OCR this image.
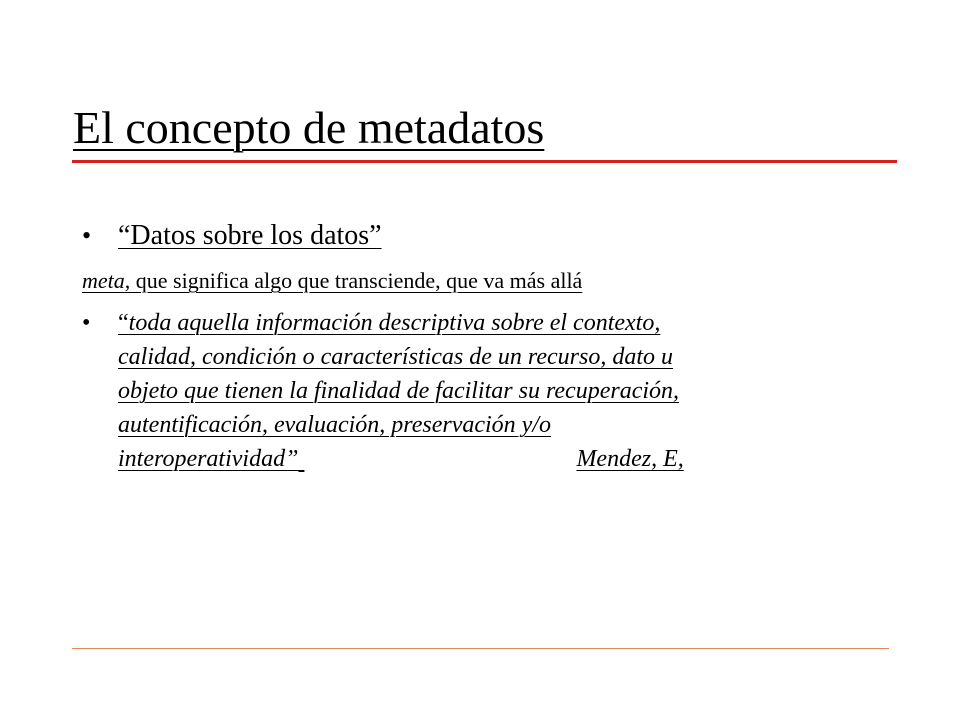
El concepto de metadatos
• “Datos sobre los datos”
meta, que significa algo que transciende, que va más allá
•	“toda aquella información descriptiva sobre el contexto,
calidad, condición o características de un recurso, dato u
objeto que tienen la finalidad de facilitar su recuperación,
autentificación, evaluación, preservación y/o
interoperatividad”	Mendez, E,
